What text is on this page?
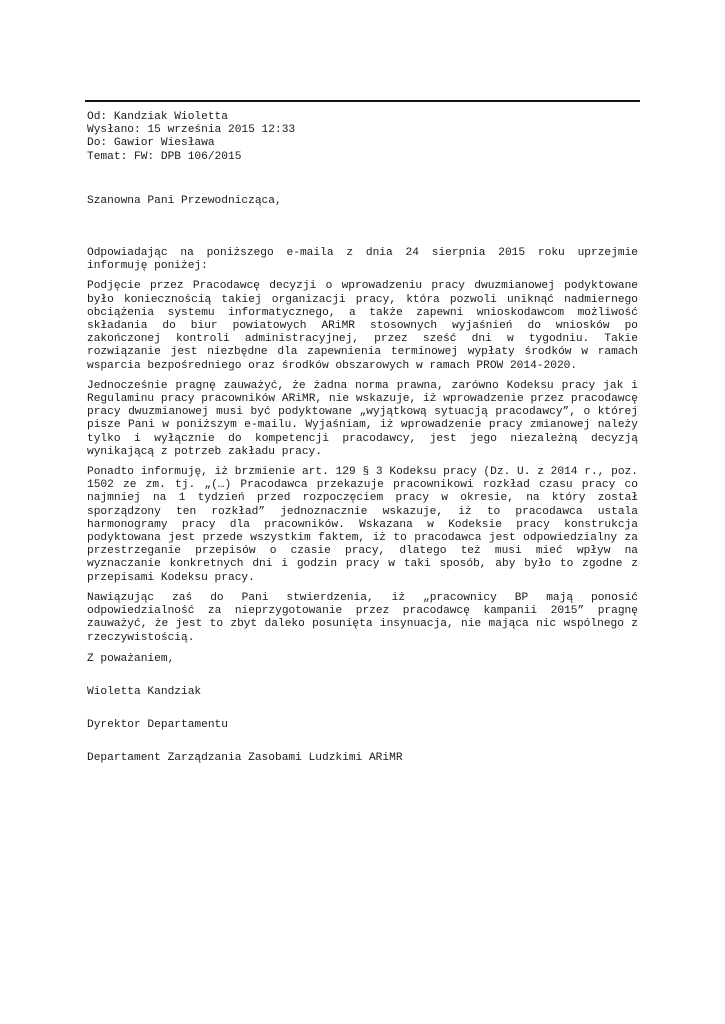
Od: Kandziak Wioletta
Wysłano: 15 września 2015 12:33
Do: Gawior Wiesława
Temat: FW: DPB 106/2015
Szanowna Pani Przewodnicząca,
Odpowiadając na poniższego e-maila z dnia 24 sierpnia 2015 roku uprzejmie informuję poniżej:
Podjęcie przez Pracodawcę decyzji o wprowadzeniu pracy dwuzmianowej podyktowane było koniecznością takiej organizacji pracy, która pozwoli uniknąć nadmiernego obciążenia systemu informatycznego, a także zapewni wnioskodawcom możliwość składania do biur powiatowych ARiMR stosownych wyjaśnień do wniosków po zakończonej kontroli administracyjnej, przez sześć dni w tygodniu. Takie rozwiązanie jest niezbędne dla zapewnienia terminowej wypłaty środków w ramach wsparcia bezpośredniego oraz środków obszarowych w ramach PROW 2014-2020.
Jednocześnie pragnę zauważyć, że żadna norma prawna, zarówno Kodeksu pracy jak i Regulaminu pracy pracowników ARiMR, nie wskazuje, iż wprowadzenie przez pracodawcę pracy dwuzmianowej musi być podyktowane „wyjątkową sytuacją pracodawcy”, o której pisze Pani w poniższym e-mailu. Wyjaśniam, iż wprowadzenie pracy zmianowej należy tylko i wyłącznie do kompetencji pracodawcy, jest jego niezależną decyzją wynikającą z potrzeb zakładu pracy.
Ponadto informuję, iż brzmienie art. 129 § 3 Kodeksu pracy (Dz. U. z 2014 r., poz. 1502 ze zm. tj. „(…) Pracodawca przekazuje pracownikowi rozkład czasu pracy co najmniej na 1 tydzień przed rozpoczęciem pracy w okresie, na który został sporządzony ten rozkład” jednoznacznie wskazuje, iż to pracodawca ustala harmonogramy pracy dla pracowników. Wskazana w Kodeksie pracy konstrukcja podyktowana jest przede wszystkim faktem, iż to pracodawca jest odpowiedzialny za przestrzeganie przepisów o czasie pracy, dlatego też musi mieć wpływ na wyznaczanie konkretnych dni i godzin pracy w taki sposób, aby było to zgodne z przepisami Kodeksu pracy.
Nawiązując zaś do Pani stwierdzenia, iż „pracownicy BP mają ponosić odpowiedzialność za nieprzygotowanie przez pracodawcę kampanii 2015” pragnę zauważyć, że jest to zbyt daleko posunięta insynuacja, nie mająca nic wspólnego z rzeczywistością.
Z poważaniem,
Wioletta Kandziak
Dyrektor Departamentu
Departament Zarządzania Zasobami Ludzkimi ARiMR
